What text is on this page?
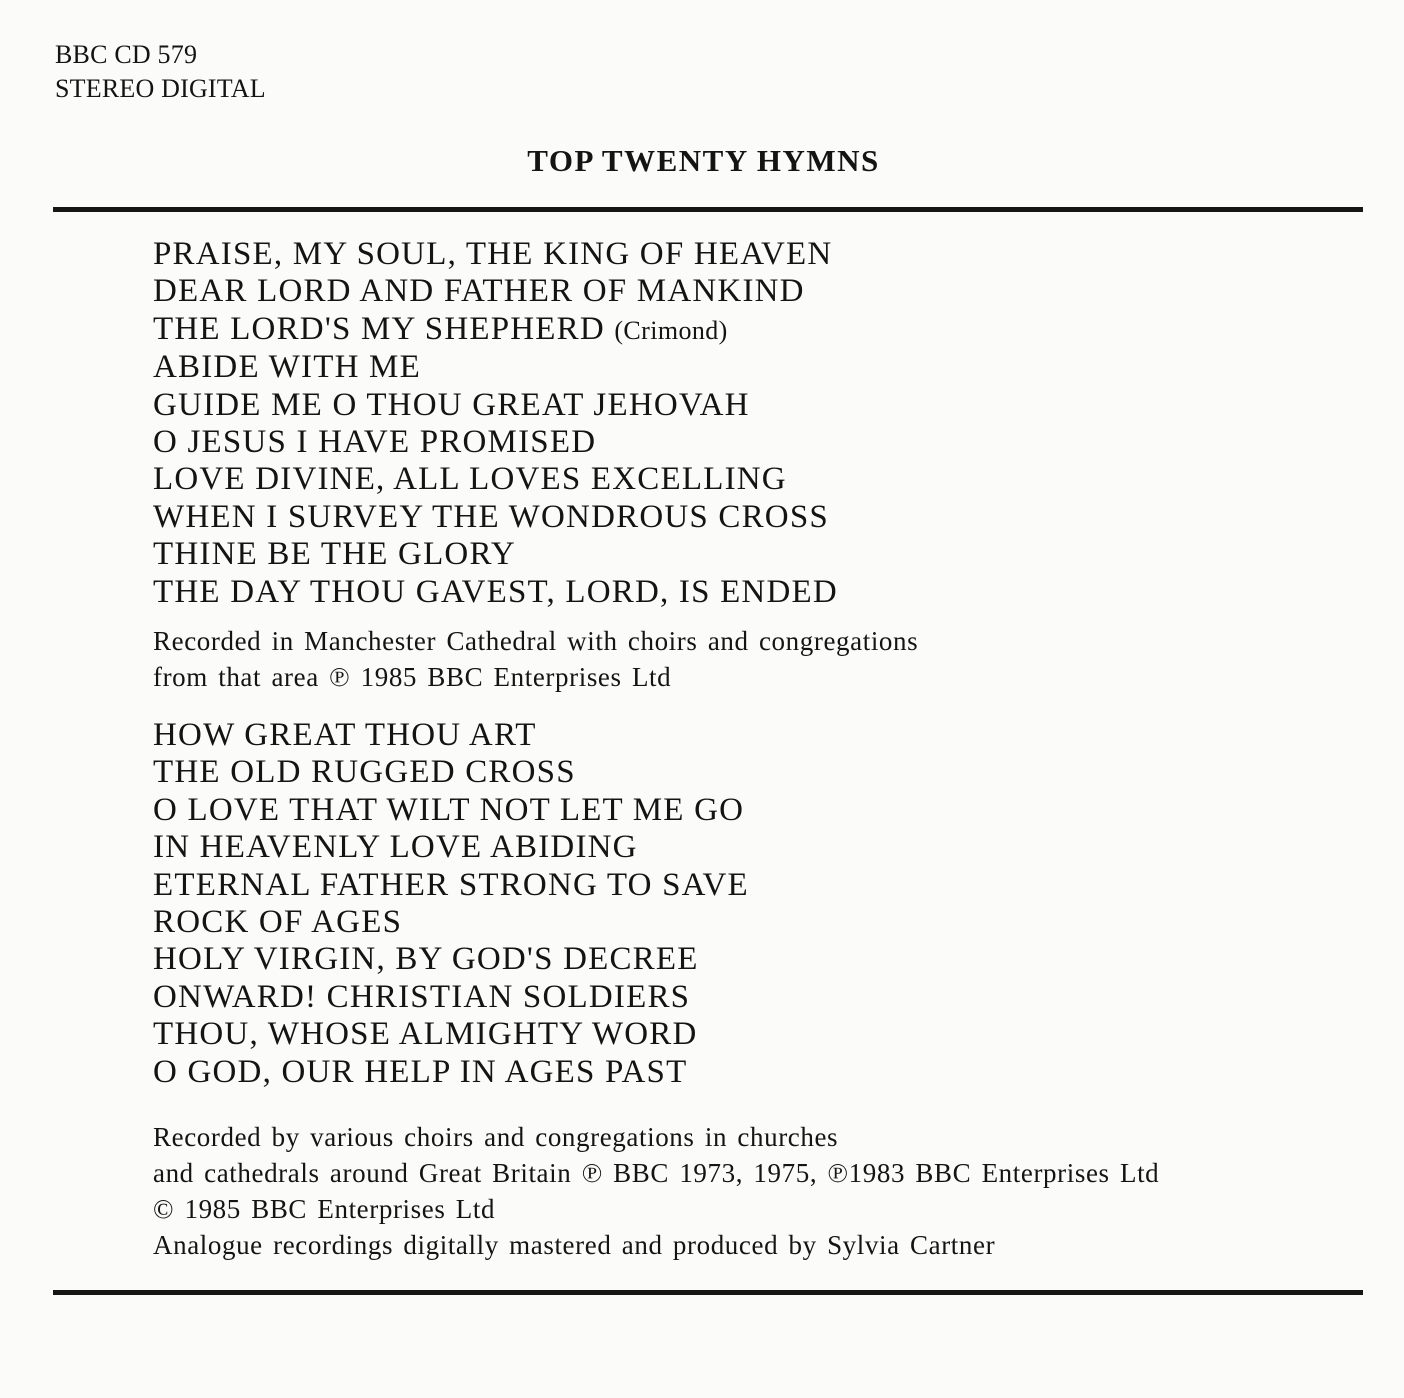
BBC CD 579
STEREO DIGITAL
TOP TWENTY HYMNS
PRAISE, MY SOUL, THE KING OF HEAVEN
DEAR LORD AND FATHER OF MANKIND
THE LORD'S MY SHEPHERD (Crimond)
ABIDE WITH ME
GUIDE ME O THOU GREAT JEHOVAH
O JESUS I HAVE PROMISED
LOVE DIVINE, ALL LOVES EXCELLING
WHEN I SURVEY THE WONDROUS CROSS
THINE BE THE GLORY
THE DAY THOU GAVEST, LORD, IS ENDED
Recorded in Manchester Cathedral with choirs and congregations
from that area ℗ 1985 BBC Enterprises Ltd
HOW GREAT THOU ART
THE OLD RUGGED CROSS
O LOVE THAT WILT NOT LET ME GO
IN HEAVENLY LOVE ABIDING
ETERNAL FATHER STRONG TO SAVE
ROCK OF AGES
HOLY VIRGIN, BY GOD'S DECREE
ONWARD! CHRISTIAN SOLDIERS
THOU, WHOSE ALMIGHTY WORD
O GOD, OUR HELP IN AGES PAST
Recorded by various choirs and congregations in churches
and cathedrals around Great Britain ℗ BBC 1973, 1975, ℗1983 BBC Enterprises Ltd
© 1985 BBC Enterprises Ltd
Analogue recordings digitally mastered and produced by Sylvia Cartner
